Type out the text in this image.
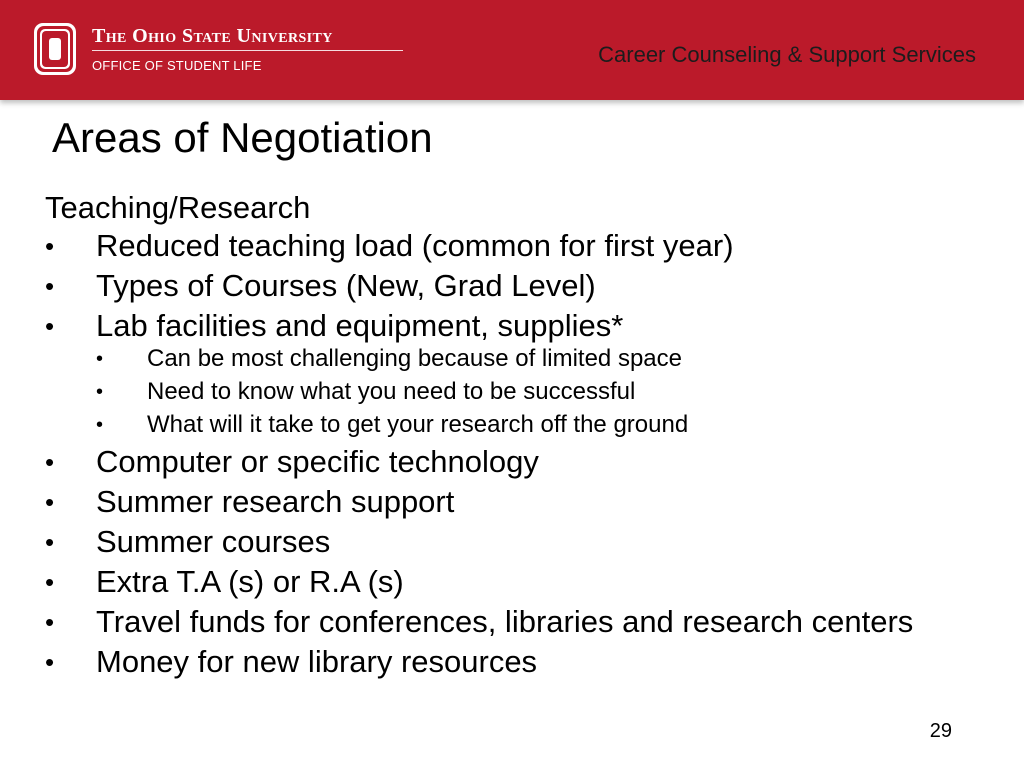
The Ohio State University
OFFICE OF STUDENT LIFE	Career Counseling & Support Services
Areas of Negotiation
Teaching/Research
• Reduced teaching load (common for first year)
• Types of Courses (New, Grad Level)
• Lab facilities and equipment, supplies*
• Can be most challenging because of limited space
• Need to know what you need to be successful
• What will it take to get your research off the ground
• Computer or specific technology
• Summer research support
• Summer courses
• Extra T.A (s) or R.A (s)
• Travel funds for conferences, libraries and research centers
• Money for new library resources
29
